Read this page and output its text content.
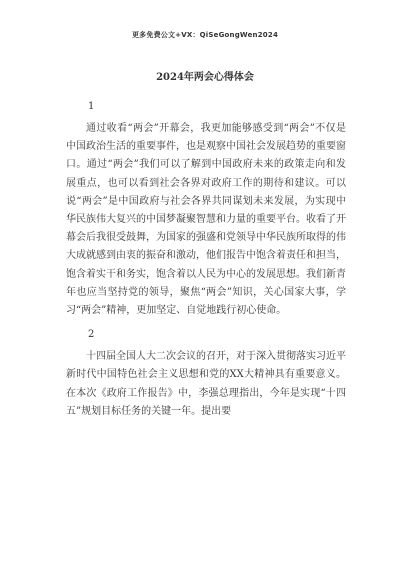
更多免费公文+VX：QiSeGongWen2024
2024年两会心得体会
1

通过收看“两会”开幕会，我更加能够感受到“两会”不仅是中国政治生活的重要事件，也是观察中国社会发展趋势的重要窗口。通过“两会”我们可以了解到中国政府未来的政策走向和发展重点，也可以看到社会各界对政府工作的期待和建议。可以说“两会”是中国政府与社会各界共同谋划未来发展，为实现中华民族伟大复兴的中国梦凝聚智慧和力量的重要平台。收看了开幕会后我很受鼓舞，为国家的强盛和党领导中华民族所取得的伟大成就感到由衷的振奋和激动，他们报告中饱含着责任和担当，饱含着实干和务实，饱含着以人民为中心的发展思想。我们新青年也应当坚持党的领导，聚焦“两会”知识，关心国家大事，学习“两会”精神，更加坚定、自觉地践行初心使命。

2

十四届全国人大二次会议的召开，对于深入贯彻落实习近平新时代中国特色社会主义思想和党的XX大精神具有重要意义。在本次《政府工作报告》中，李强总理指出，今年是实现“十四五”规划目标任务的关键一年。提出要
